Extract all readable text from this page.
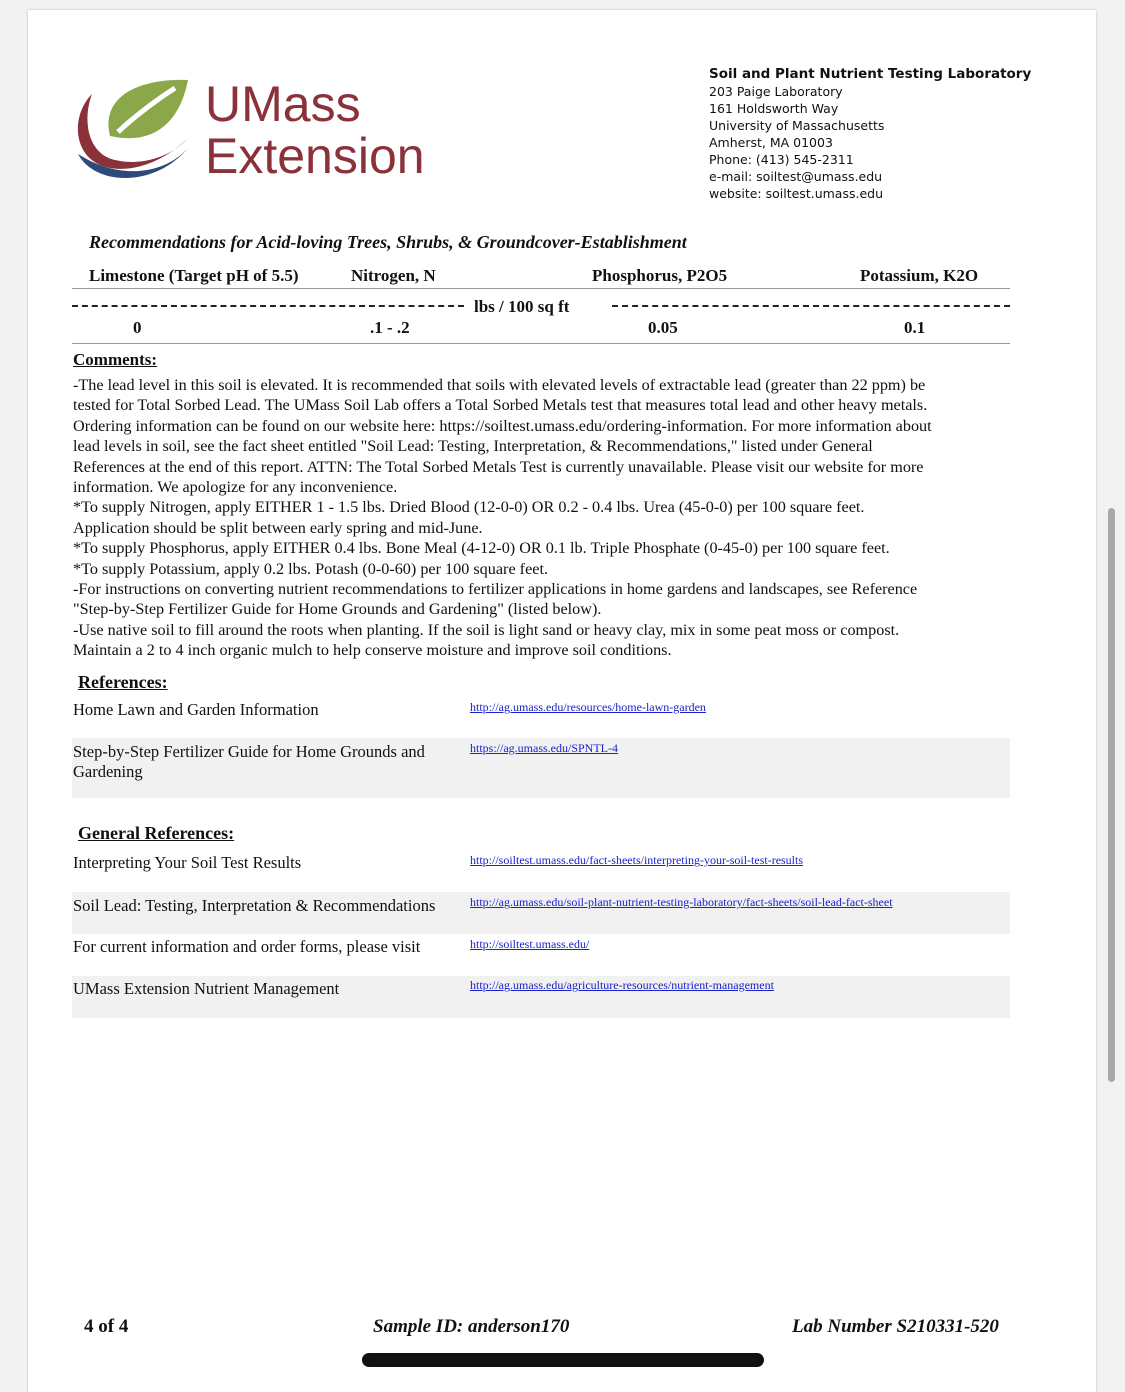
UMass
Extension
Soil and Plant Nutrient Testing Laboratory
203 Paige Laboratory
161 Holdsworth Way
University of Massachusetts
Amherst, MA 01003
Phone: (413) 545-2311
e-mail: soiltest@umass.edu
website: soiltest.umass.edu
Recommendations for Acid-loving Trees, Shrubs, & Groundcover-Establishment
Limestone (Target pH of 5.5)	Nitrogen, N	Phosphorus, P2O5	Potassium, K2O
lbs / 100 sq ft
0	.1 - .2	0.05	0.1
Comments:
-The lead level in this soil is elevated. It is recommended that soils with elevated levels of extractable lead (greater than 22 ppm) be
tested for Total Sorbed Lead. The UMass Soil Lab offers a Total Sorbed Metals test that measures total lead and other heavy metals.
Ordering information can be found on our website here: https://soiltest.umass.edu/ordering-information. For more information about
lead levels in soil, see the fact sheet entitled "Soil Lead: Testing, Interpretation, & Recommendations," listed under General
References at the end of this report. ATTN: The Total Sorbed Metals Test is currently unavailable. Please visit our website for more
information. We apologize for any inconvenience.
*To supply Nitrogen, apply EITHER 1 - 1.5 lbs. Dried Blood (12-0-0) OR 0.2 - 0.4 lbs. Urea (45-0-0) per 100 square feet.
Application should be split between early spring and mid-June.
*To supply Phosphorus, apply EITHER 0.4 lbs. Bone Meal (4-12-0) OR 0.1 lb. Triple Phosphate (0-45-0) per 100 square feet.
*To supply Potassium, apply 0.2 lbs. Potash (0-0-60) per 100 square feet.
-For instructions on converting nutrient recommendations to fertilizer applications in home gardens and landscapes, see Reference
"Step-by-Step Fertilizer Guide for Home Grounds and Gardening" (listed below).
-Use native soil to fill around the roots when planting. If the soil is light sand or heavy clay, mix in some peat moss or compost.
Maintain a 2 to 4 inch organic mulch to help conserve moisture and improve soil conditions.
References:
Home Lawn and Garden Information	http://ag.umass.edu/resources/home-lawn-garden
Step-by-Step Fertilizer Guide for Home Grounds and Gardening
https://ag.umass.edu/SPNTL-4
General References:
Interpreting Your Soil Test Results	http://soiltest.umass.edu/fact-sheets/interpreting-your-soil-test-results
Soil Lead: Testing, Interpretation & Recommendations	http://ag.umass.edu/soil-plant-nutrient-testing-laboratory/fact-sheets/soil-lead-fact-sheet
For current information and order forms, please visit	http://soiltest.umass.edu/
UMass Extension Nutrient Management	http://ag.umass.edu/agriculture-resources/nutrient-management
4 of 4	Sample ID: anderson170	Lab Number S210331-520
